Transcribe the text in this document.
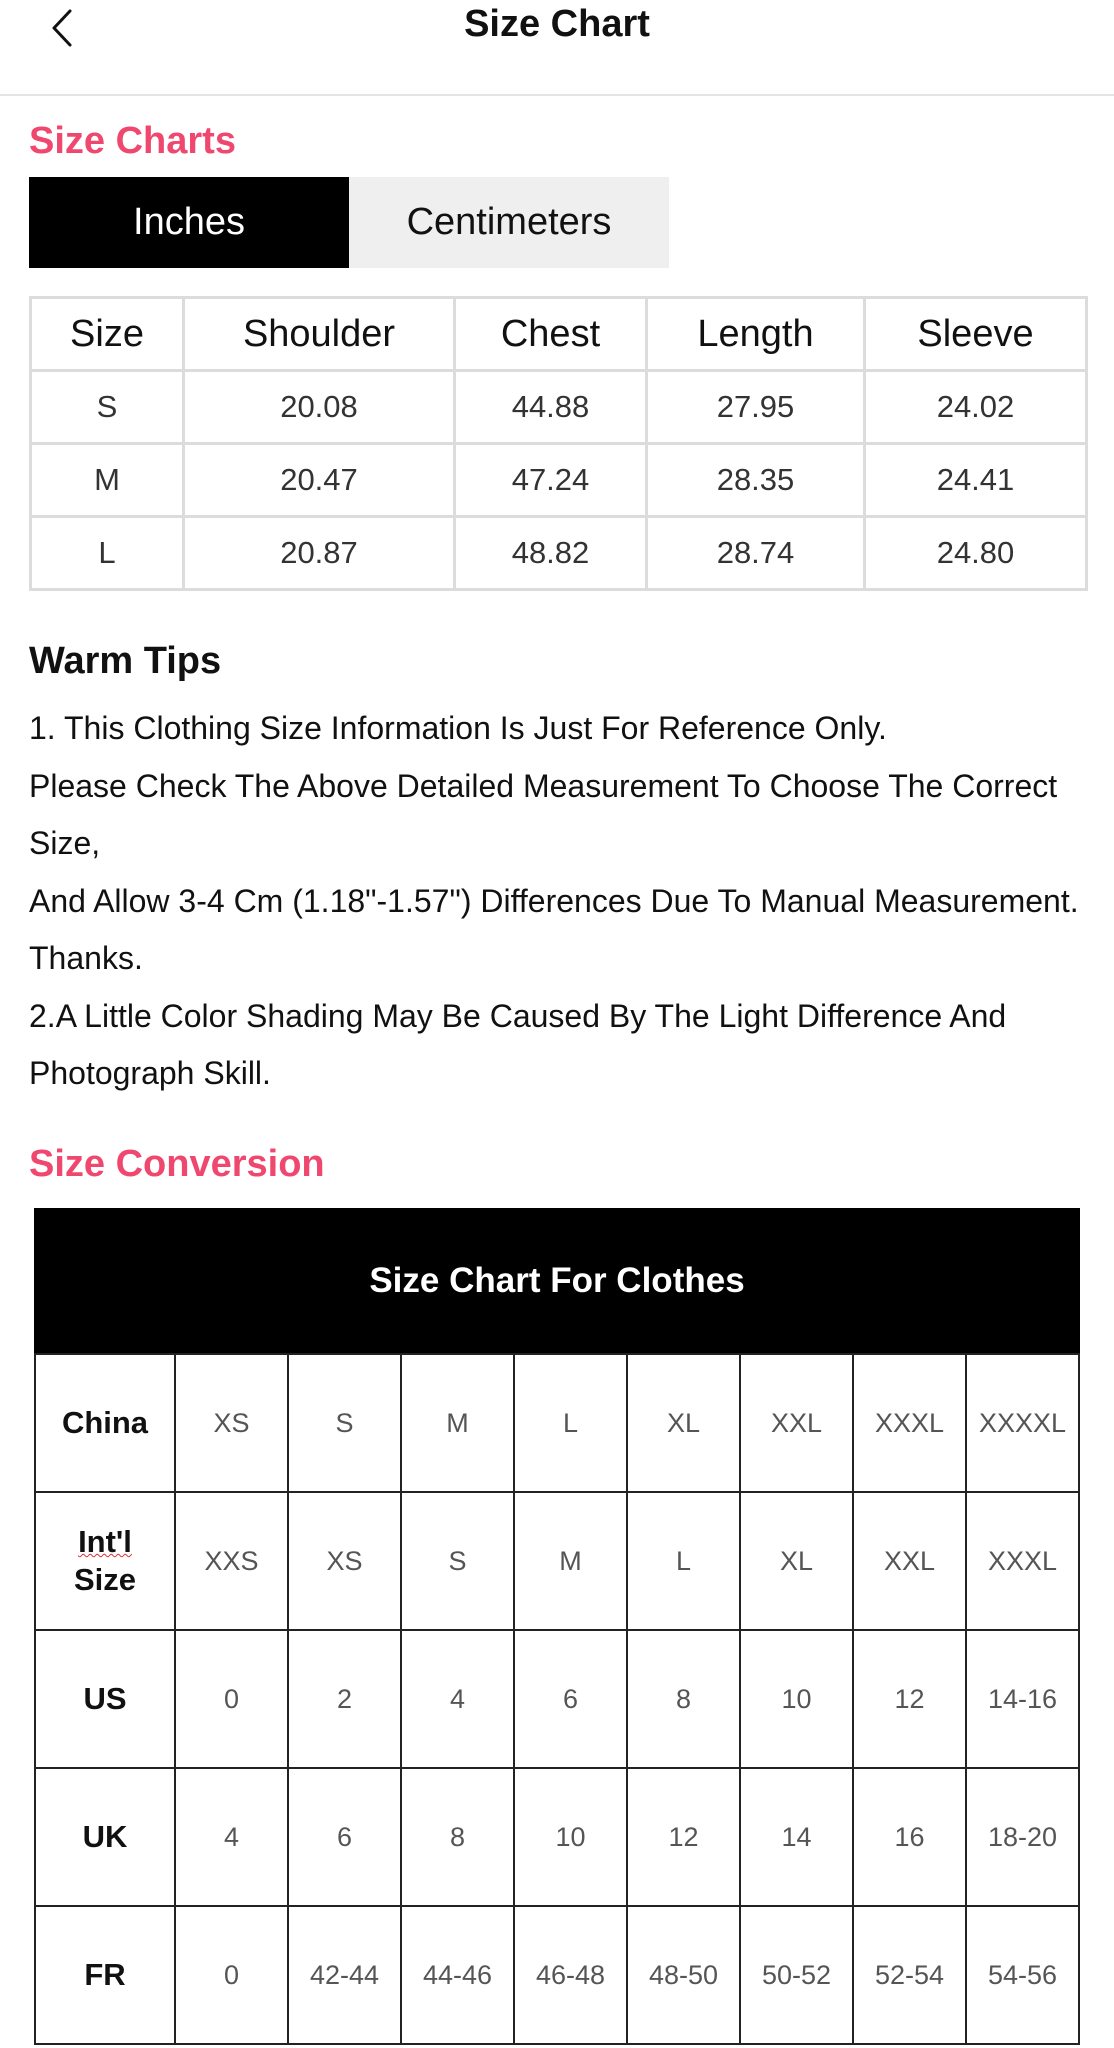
Size Chart
Size Charts
Inches	Centimeters
Size	Shoulder	Chest	Length	Sleeve
S	20.08	44.88	27.95	24.02
M	20.47	47.24	28.35	24.41
L	20.87	48.82	28.74	24.80
Warm Tips

1. This Clothing Size Information Is Just For Reference Only.

Please Check The Above Detailed Measurement To Choose The Correct Size,

And Allow 3-4 Cm (1.18"-1.57") Differences Due To Manual Measurement. Thanks.

2.A Little Color Shading May Be Caused By The Light Difference And Photograph Skill.

Size Conversion
Size Chart For Clothes
China	XS	S	M	L	XL	XXL	XXXL	XXXXL
Int'l
Size	XXS	XS	S	M	L	XL	XXL	XXXL
US	0	2	4	6	8	10	12	14-16
UK	4	6	8	10	12	14	16	18-20
FR	0	42-44	44-46	46-48	48-50	50-52	52-54	54-56
